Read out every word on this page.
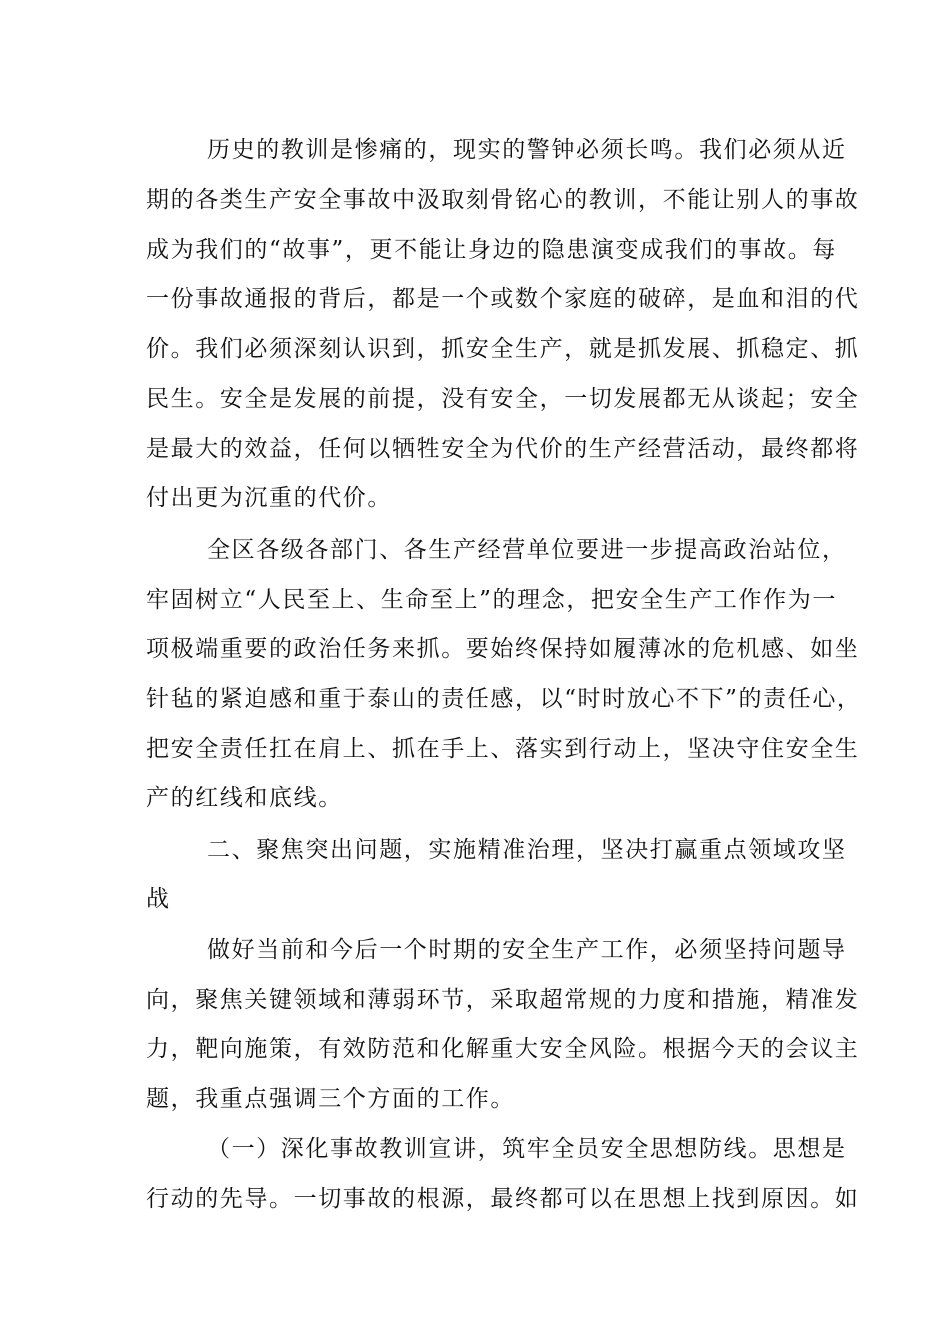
历史的教训是惨痛的，现实的警钟必须长鸣。我们必须从近
期的各类生产安全事故中汲取刻骨铭心的教训，不能让别人的事故
成为我们的“故事”，更不能让身边的隐患演变成我们的事故。每
一份事故通报的背后，都是一个或数个家庭的破碎，是血和泪的代
价。我们必须深刻认识到，抓安全生产，就是抓发展、抓稳定、抓
民生。安全是发展的前提，没有安全，一切发展都无从谈起；安全
是最大的效益，任何以牺牲安全为代价的生产经营活动，最终都将
付出更为沉重的代价。
全区各级各部门、各生产经营单位要进一步提高政治站位，
牢固树立“人民至上、生命至上”的理念，把安全生产工作作为一
项极端重要的政治任务来抓。要始终保持如履薄冰的危机感、如坐
针毡的紧迫感和重于泰山的责任感，以“时时放心不下”的责任心，
把安全责任扛在肩上、抓在手上、落实到行动上，坚决守住安全生
产的红线和底线。
二、聚焦突出问题，实施精准治理，坚决打赢重点领域攻坚
战
做好当前和今后一个时期的安全生产工作，必须坚持问题导
向，聚焦关键领域和薄弱环节，采取超常规的力度和措施，精准发
力，靶向施策，有效防范和化解重大安全风险。根据今天的会议主
题，我重点强调三个方面的工作。
（一）深化事故教训宣讲，筑牢全员安全思想防线。思想是
行动的先导。一切事故的根源，最终都可以在思想上找到原因。如
